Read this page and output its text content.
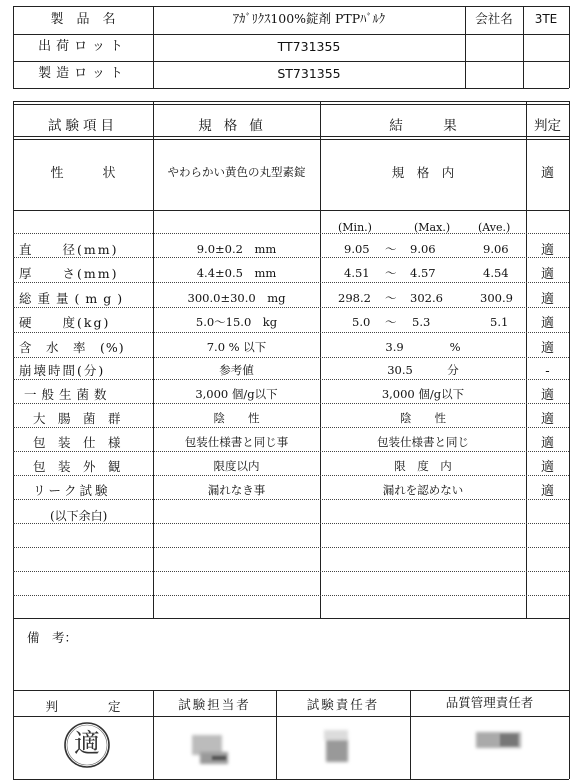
製　品　名	ｱｶﾞﾘｸｽ100%錠剤 PTPﾊﾞﾙｸ	会社名	3TE
出荷ロット	TT731355
製造ロット	ST731355
試験項目	規格値	結　　　果	判定
性　　　状	やわらかい黄色の丸型素錠	規　格　内	適
(Min.)	(Max.)	(Ave.)
直　　径(mm)	9.0±0.2　mm	9.05 ～ 9.06	9.06	適
厚　　さ(mm)	4.4±0.5　mm	4.51 ～ 4.57	4.54	適
総重量(mg)	300.0±30.0　mg	298.2 ～ 302.6	300.9	適
硬　　度(kg)	5.0～15.0　kg	5.0 ～ 5.3	5.1	適
含　水　率　(%)	7.0 % 以下	3.9　　　　%	適
崩壊時間(分)	参考値	30.5　　　分	-
一般生菌数	3,000 個/g以下	3,000 個/g以下	適
大　腸　菌　群	陰　　性	陰　　性	適
包　装　仕　様	包装仕様書と同じ事	包装仕様書と同じ	適
包　装　外　観	限度以内	限　度　内	適
リーク試験	漏れなき事	漏れを認めない	適
(以下余白)
備　考：
判　　　　定	試験担当者	試験責任者	品質管理責任者
適
